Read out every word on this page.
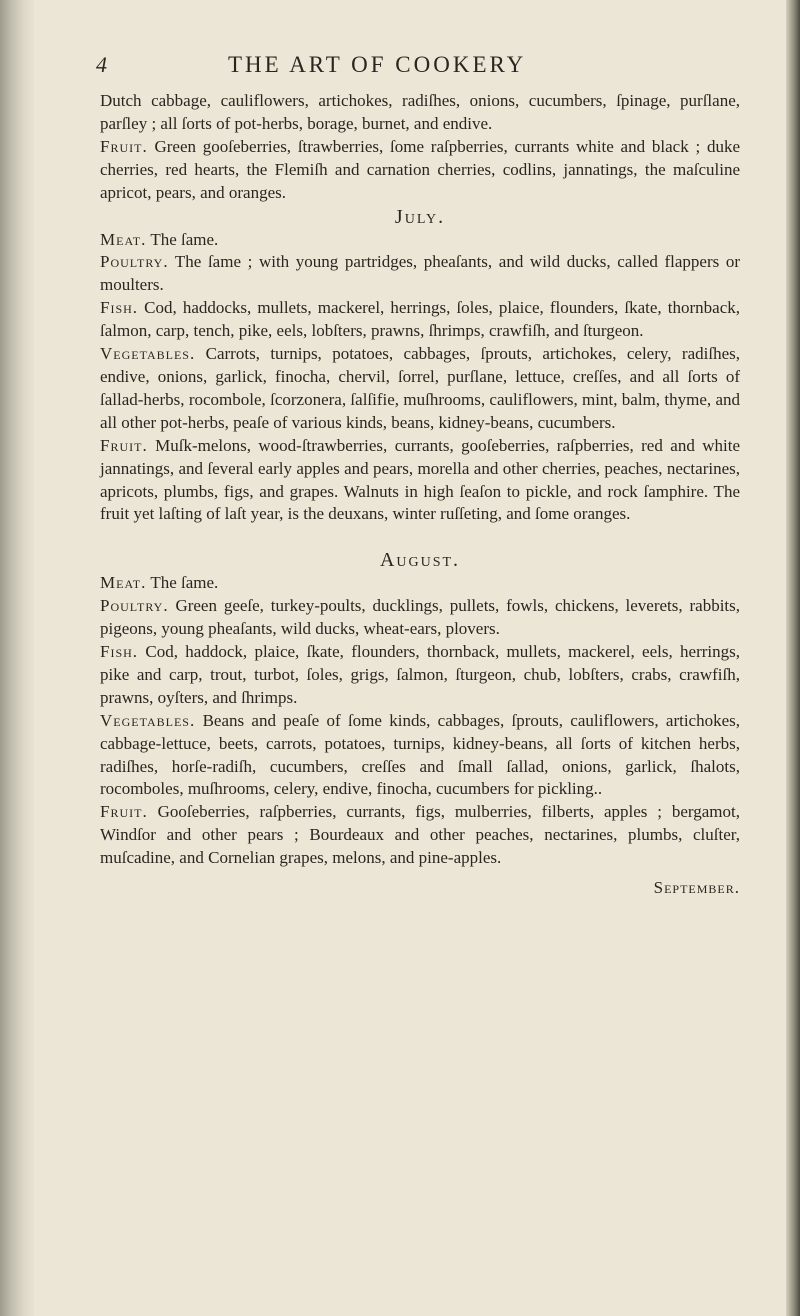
4	THE ART OF COOKERY

Dutch cabbage, cauliflowers, artichokes, radiſhes, onions, cucumbers, ſpinage, purſlane, parſley ; all ſorts of pot-herbs, borage, burnet, and endive.

Fruit. Green gooſeberries, ſtrawberries, ſome raſpberries, currants white and black ; duke cherries, red hearts, the Flemiſh and carnation cherries, codlins, jannatings, the maſculine apricot, pears, and oranges.

July.

Meat. The ſame.

Poultry. The ſame ; with young partridges, pheaſants, and wild ducks, called flappers or moulters.

Fish. Cod, haddocks, mullets, mackerel, herrings, ſoles, plaice, flounders, ſkate, thornback, ſalmon, carp, tench, pike, eels, lobſters, prawns, ſhrimps, crawfiſh, and ſturgeon.

Vegetables. Carrots, turnips, potatoes, cabbages, ſprouts, artichokes, celery, radiſhes, endive, onions, garlick, finocha, chervil, ſorrel, purſlane, lettuce, creſſes, and all ſorts of ſallad-herbs, rocombole, ſcorzonera, ſalſifie, muſhrooms, cauliflowers, mint, balm, thyme, and all other pot-herbs, peaſe of various kinds, beans, kidney-beans, cucumbers.

Fruit. Muſk-melons, wood-ſtrawberries, currants, gooſeberries, raſpberries, red and white jannatings, and ſeveral early apples and pears, morella and other cherries, peaches, nectarines, apricots, plumbs, figs, and grapes. Walnuts in high ſeaſon to pickle, and rock ſamphire. The fruit yet laſting of laſt year, is the deuxans, winter ruſſeting, and ſome oranges.

August.

Meat. The ſame.

Poultry. Green geeſe, turkey-poults, ducklings, pullets, fowls, chickens, leverets, rabbits, pigeons, young pheaſants, wild ducks, wheat-ears, plovers.

Fish. Cod, haddock, plaice, ſkate, flounders, thornback, mullets, mackerel, eels, herrings, pike and carp, trout, turbot, ſoles, grigs, ſalmon, ſturgeon, chub, lobſters, crabs, crawfiſh, prawns, oyſters, and ſhrimps.

Vegetables. Beans and peaſe of ſome kinds, cabbages, ſprouts, cauliflowers, artichokes, cabbage-lettuce, beets, carrots, potatoes, turnips, kidney-beans, all ſorts of kitchen herbs, radiſhes, horſe-radiſh, cucumbers, creſſes and ſmall ſallad, onions, garlick, ſhalots, rocomboles, muſhrooms, celery, endive, finocha, cucumbers for pickling..

Fruit. Gooſeberries, raſpberries, currants, figs, mulberries, filberts, apples ; bergamot, Windſor and other pears ; Bourdeaux and other peaches, nectarines, plumbs, cluſter, muſcadine, and Cornelian grapes, melons, and pine-apples.

September.
